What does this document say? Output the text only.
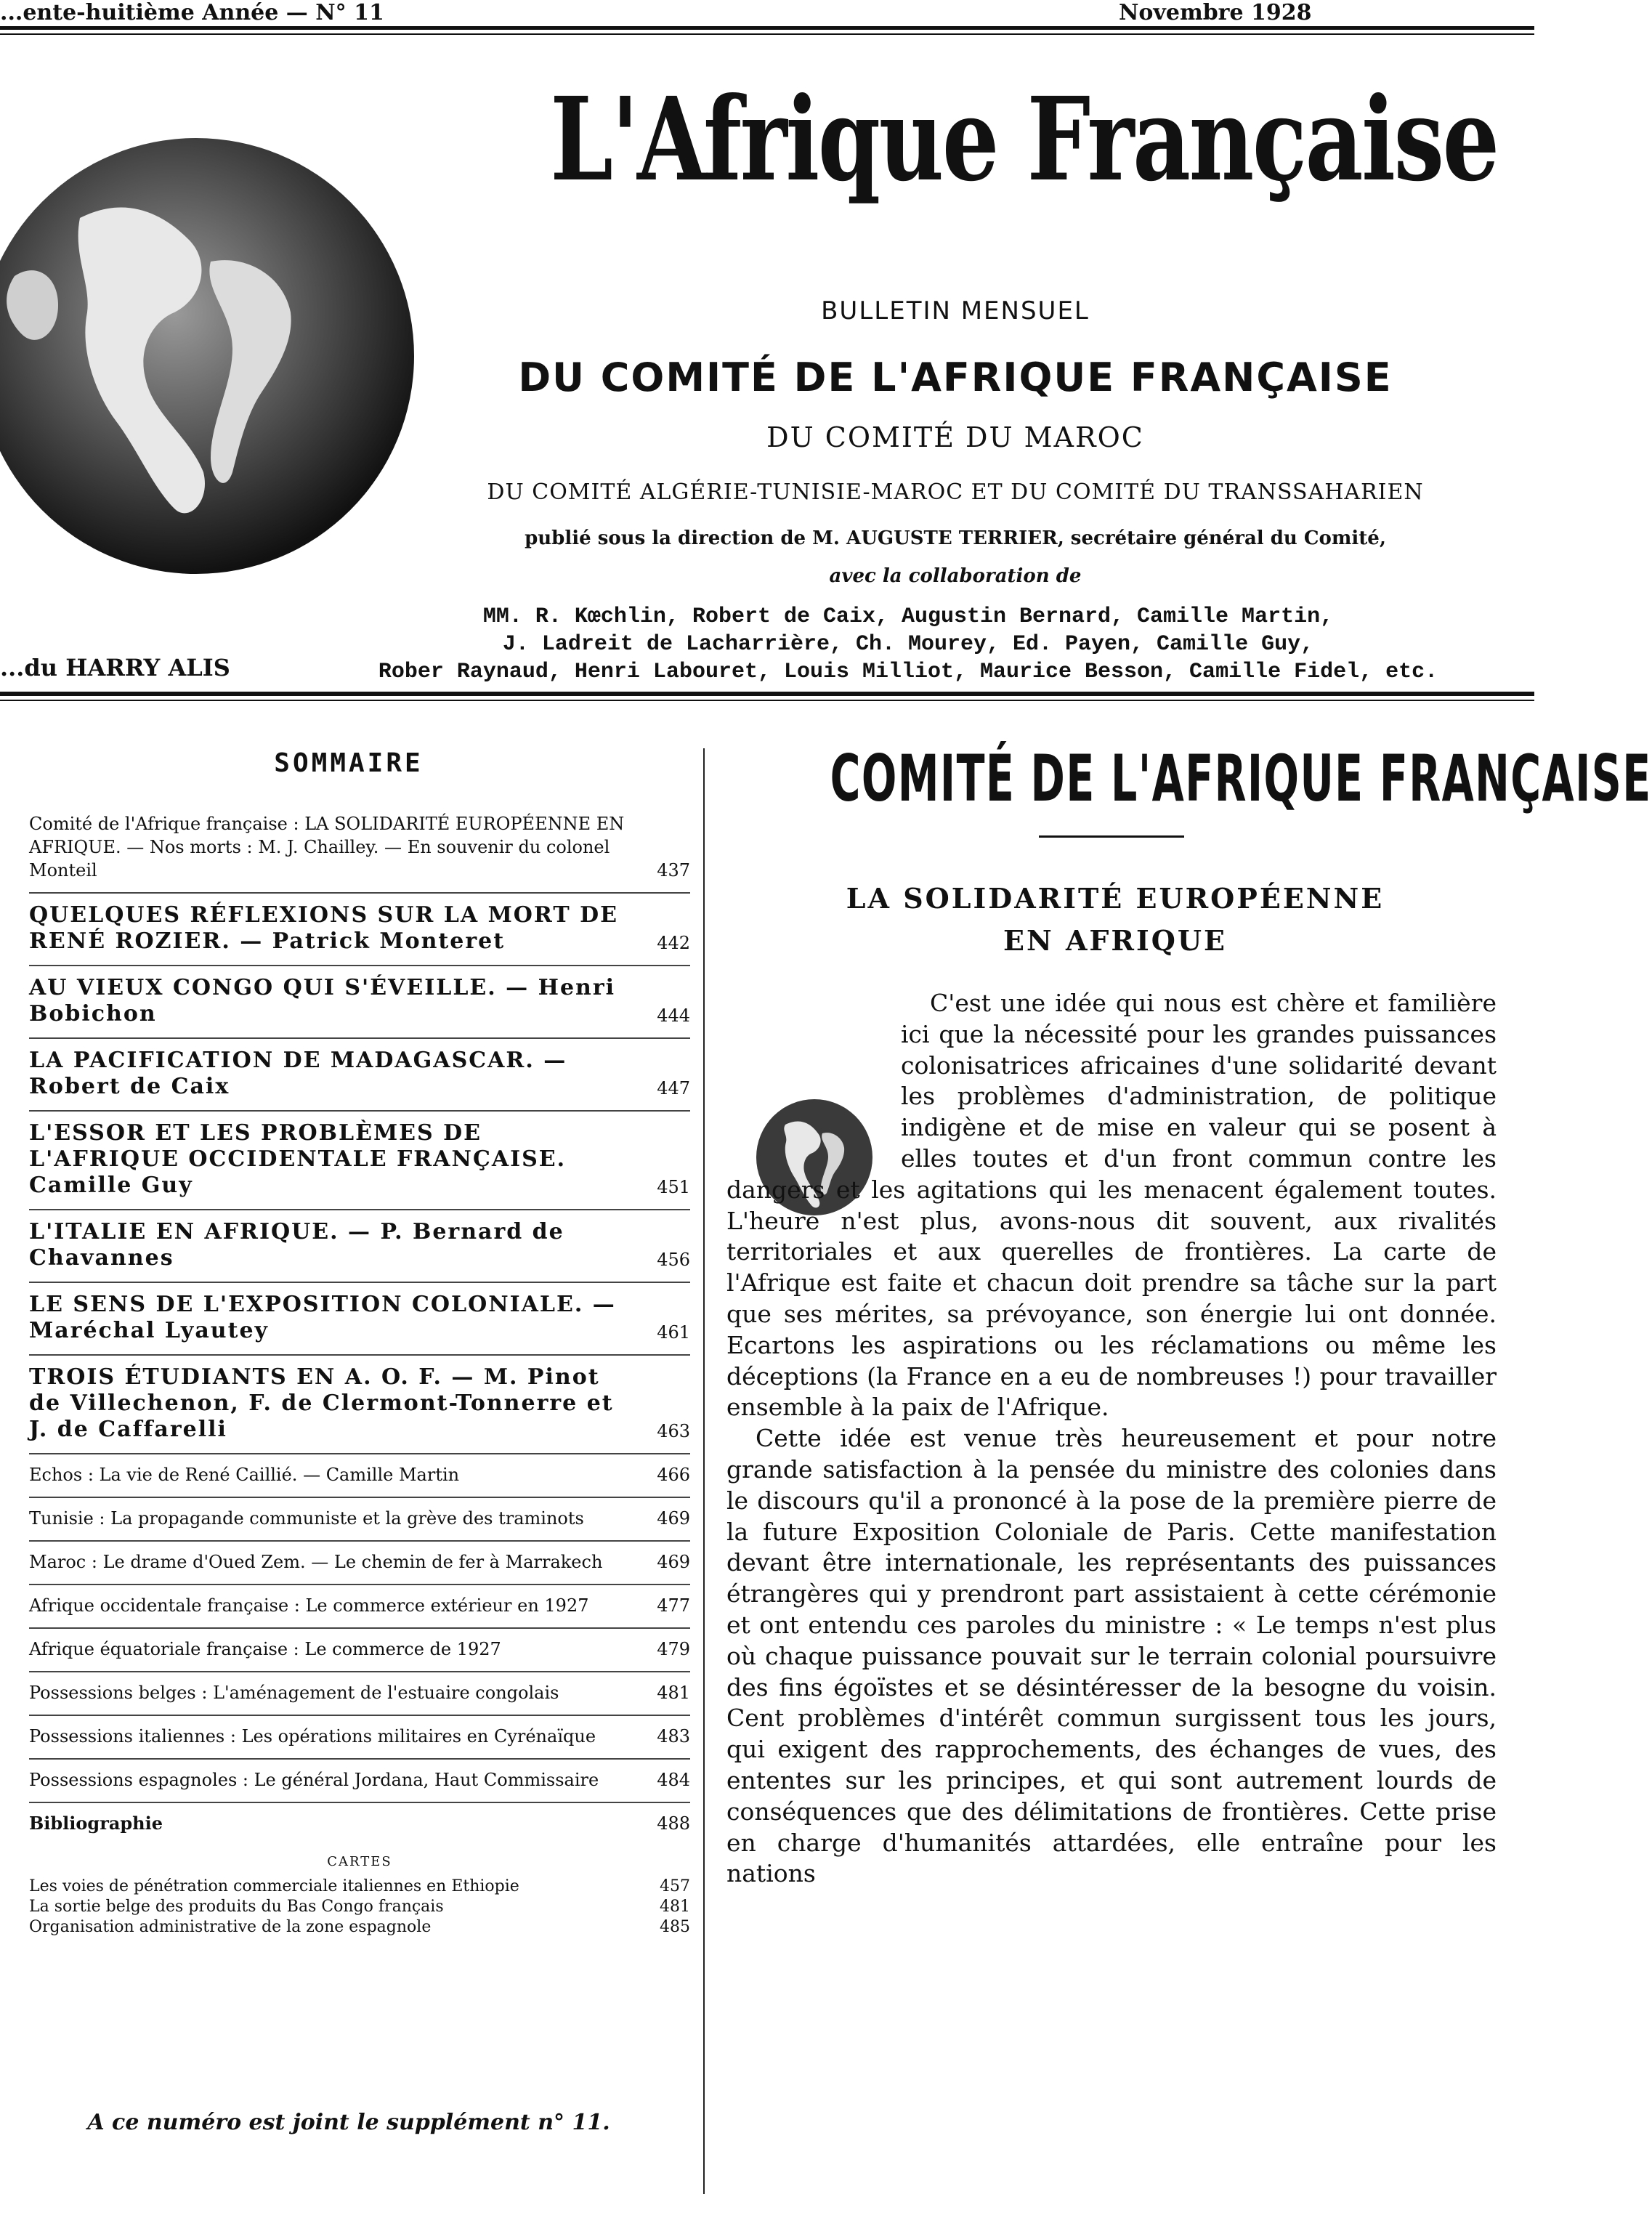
...ente-huitième Année — N° 11	Novembre 1928
L'Afrique Française
BULLETIN MENSUEL
DU COMITÉ DE L'AFRIQUE FRANÇAISE
DU COMITÉ DU MAROC
DU COMITÉ ALGÉRIE-TUNISIE-MAROC ET DU COMITÉ DU TRANSSAHARIEN
publié sous la direction de M. AUGUSTE TERRIER, secrétaire général du Comité,
avec la collaboration de
MM. R. Kœchlin, Robert de Caix, Augustin Bernard, Camille Martin,
J. Ladreit de Lacharrière, Ch. Mourey, Ed. Payen, Camille Guy,
Rober Raynaud, Henri Labouret, Louis Milliot, Maurice Besson, Camille Fidel, etc.
...du HARRY ALIS
SOMMAIRE
Comité de l'Afrique française : LA SOLIDARITÉ EUROPÉENNE EN AFRIQUE. — Nos morts : M. J. Chailley. — En souvenir du colonel Monteil	437
QUELQUES RÉFLEXIONS SUR LA MORT DE RENÉ ROZIER. — Patrick Monteret	442
AU VIEUX CONGO QUI S'ÉVEILLE. — Henri Bobichon	444
LA PACIFICATION DE MADAGASCAR. — Robert de Caix	447
L'ESSOR ET LES PROBLÈMES DE L'AFRIQUE OCCIDENTALE FRANÇAISE. Camille Guy	451
L'ITALIE EN AFRIQUE. — P. Bernard de Chavannes	456
LE SENS DE L'EXPOSITION COLONIALE. — Maréchal Lyautey	461
TROIS ÉTUDIANTS EN A. O. F. — M. Pinot de Villechenon, F. de Clermont-Tonnerre et J. de Caffarelli	463
Echos : La vie de René Caillié. — Camille Martin	466
Tunisie : La propagande communiste et la grève des traminots	469
Maroc : Le drame d'Oued Zem. — Le chemin de fer à Marrakech	469
Afrique occidentale française : Le commerce extérieur en 1927	477
Afrique équatoriale française : Le commerce de 1927	479
Possessions belges : L'aménagement de l'estuaire congolais	481
Possessions italiennes : Les opérations militaires en Cyrénaïque	483
Possessions espagnoles : Le général Jordana, Haut Commissaire	484
Bibliographie	488
CARTES
Les voies de pénétration commerciale italiennes en Ethiopie	457
La sortie belge des produits du Bas Congo français	481
Organisation administrative de la zone espagnole	485
A ce numéro est joint le supplément n° 11.
COMITÉ DE L'AFRIQUE FRANÇAISE
LA SOLIDARITÉ EUROPÉENNE
EN AFRIQUE

C'est une idée qui nous est chère et familière ici que la nécessité pour les grandes puissances colonisatrices africaines d'une solidarité devant les problèmes d'administration, de politique indigène et de mise en valeur qui se posent à elles toutes et d'un front commun contre les dangers et les agitations qui les menacent également toutes. L'heure n'est plus, avons-nous dit souvent, aux rivalités territoriales et aux querelles de frontières. La carte de l'Afrique est faite et chacun doit prendre sa tâche sur la part que ses mérites, sa prévoyance, son énergie lui ont donnée. Ecartons les aspirations ou les réclamations ou même les déceptions (la France en a eu de nombreuses !) pour travailler ensemble à la paix de l'Afrique.

Cette idée est venue très heureusement et pour notre grande satisfaction à la pensée du ministre des colonies dans le discours qu'il a prononcé à la pose de la première pierre de la future Exposition Coloniale de Paris. Cette manifestation devant être internationale, les représentants des puissances étrangères qui y prendront part assistaient à cette cérémonie et ont entendu ces paroles du ministre : « Le temps n'est plus où chaque puissance pouvait sur le terrain colonial poursuivre des fins égoïstes et se désintéresser de la besogne du voisin. Cent problèmes d'intérêt commun surgissent tous les jours, qui exigent des rapprochements, des échanges de vues, des ententes sur les principes, et qui sont autrement lourds de conséquences que des délimitations de frontières. Cette prise en charge d'humanités attardées, elle entraîne pour les nations
